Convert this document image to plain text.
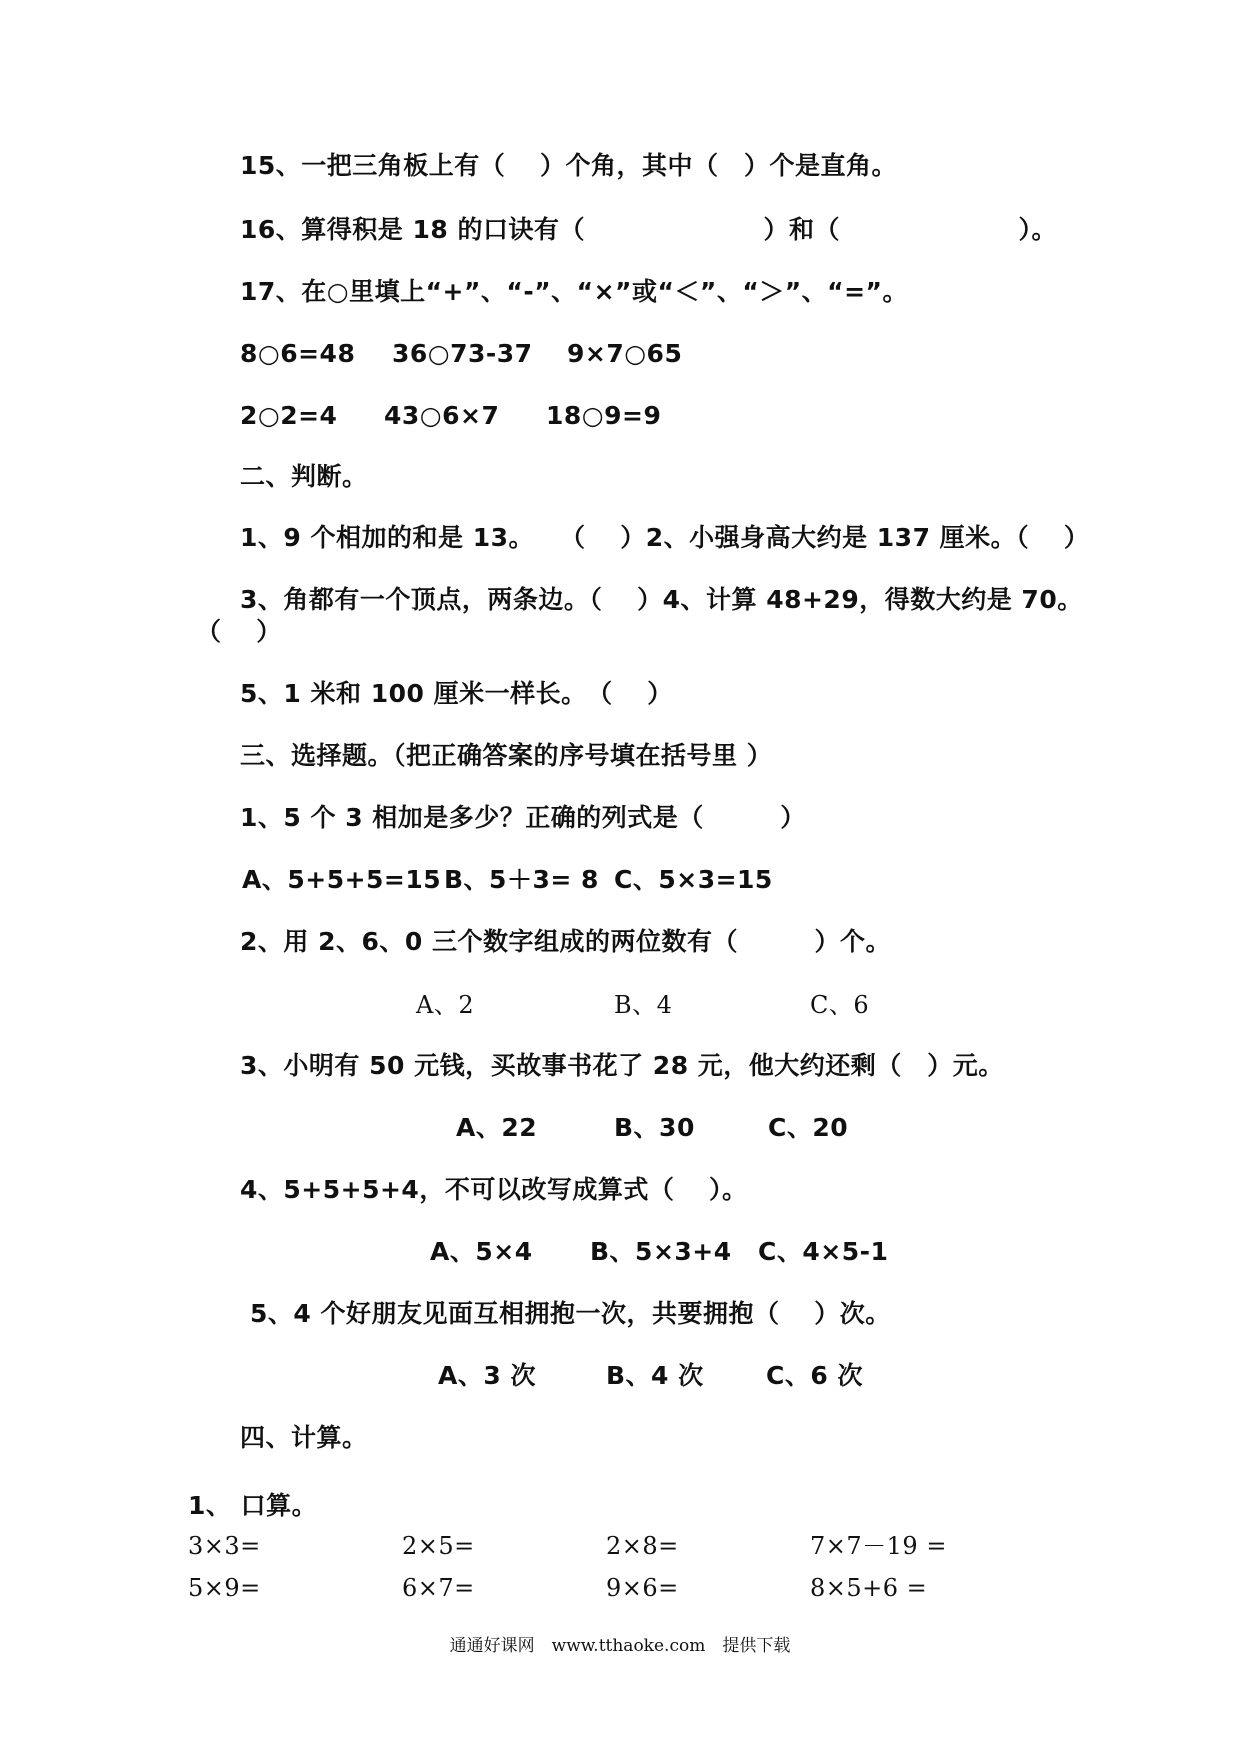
15、一把三角板上有（　 ）个角，其中（　）个是直角。
16、算得积是 18 的口诀有（　　　　　　　）和（　　　　　　　）。
17、在○里填上“+”、“-”、“×”或“＜”、“＞”、“=”。
8○6=48 36○73-37 9×7○65
2○2=4 43○6×7 18○9=9
二、判断。
1、9 个相加的和是 13。　　（　 ）2、小强身高大约是 137 厘米。（　 ）
3、角都有一个顶点，两条边。（　 ）4、计算 48+29，得数大约是 70。
（　 ）
5、1 米和 100 厘米一样长。　（　 ）
三、选择题。（把正确答案的序号填在括号里 ）
1、5 个 3 相加是多少？正确的列式是（　　　）
A、5+5+5=15 B、5＋3= 8 C、5×3=15
2、用 2、6、0 三个数字组成的两位数有（　　　）个。
A、2	B、4	C、6
3、小明有 50 元钱，买故事书花了 28 元，他大约还剩（　）元。
A、22	B、30	C、20
4、5+5+5+4，不可以改写成算式（　 ）。
A、5×4 B、5×3+4 C、4×5-1
5、4 个好朋友见面互相拥抱一次，共要拥抱（　 ）次。
A、3 次	B、4 次 C、6 次
四、计算。
1、 口算。
3×3=	2×5=	2×8=	7×7－19 =
5×9=	6×7=	9×6=	8×5+6 =
通通好课网　www.tthaoke.com　提供下载
